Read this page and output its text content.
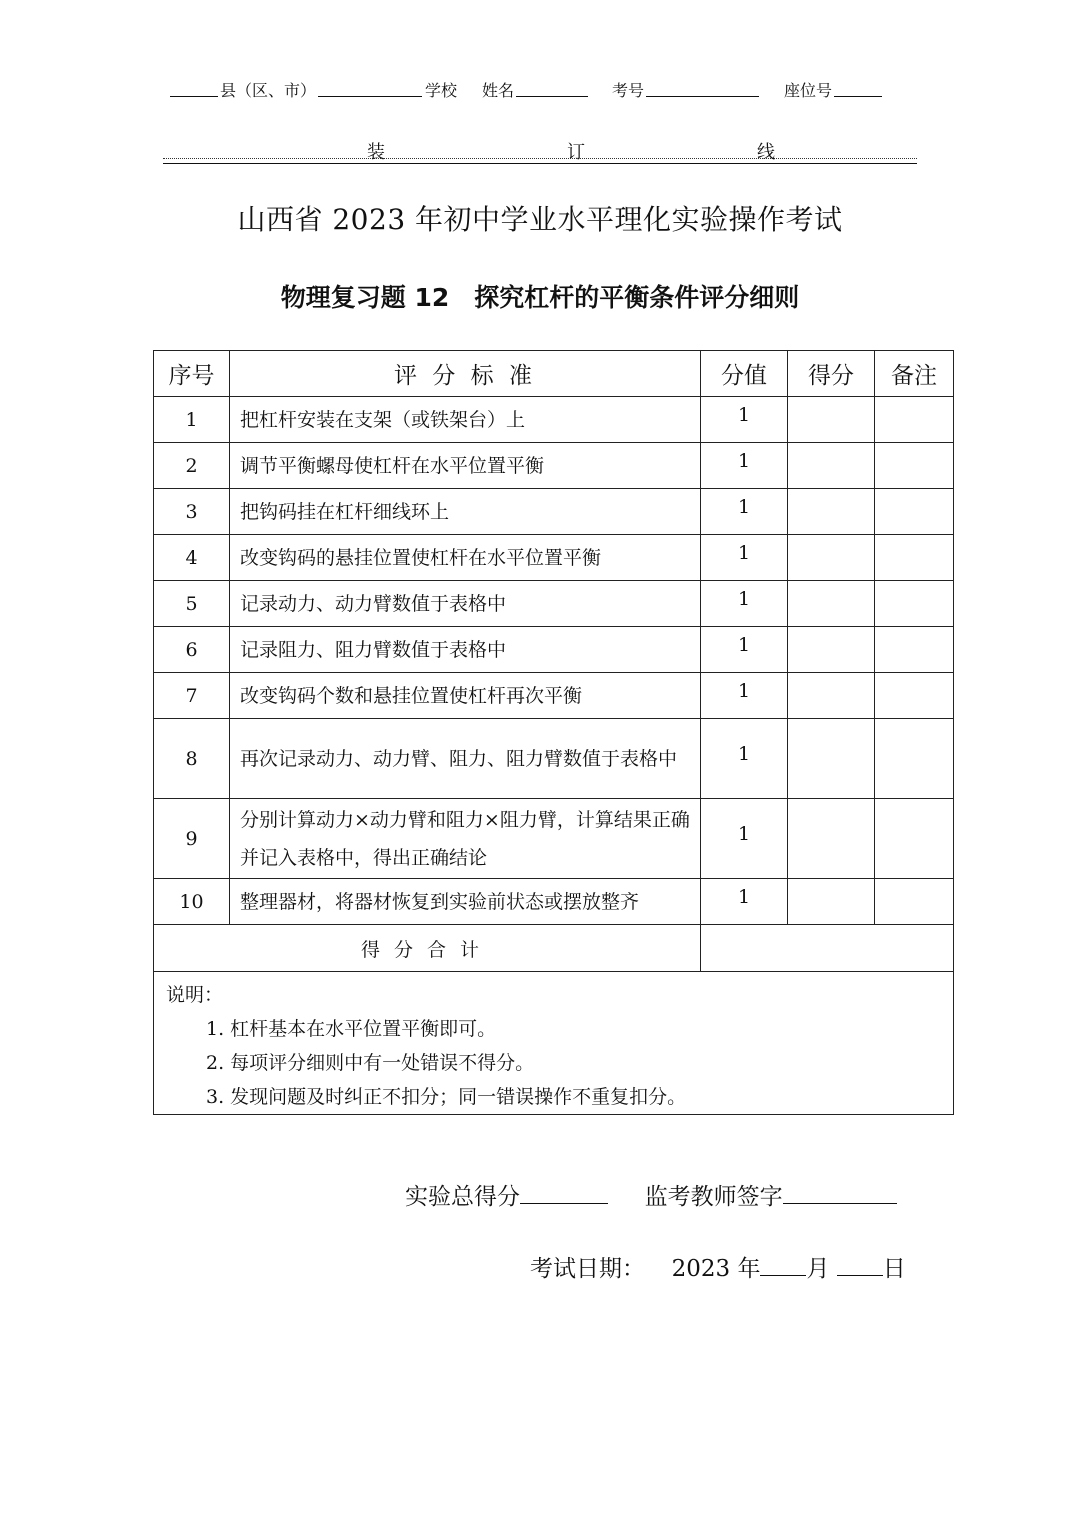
县（区、市）	学校 姓名	考号	座位号
装	订	线
山西省 2023 年初中学业水平理化实验操作考试
物理复习题 12　探究杠杆的平衡条件评分细则
序号	评 分 标 准	分值	得分	备注
1	把杠杆安装在支架（或铁架台）上	1		
2	调节平衡螺母使杠杆在水平位置平衡	1		
3	把钩码挂在杠杆细线环上	1		
4	改变钩码的悬挂位置使杠杆在水平位置平衡	1		
5	记录动力、动力臂数值于表格中	1		
6	记录阻力、阻力臂数值于表格中	1		
7	改变钩码个数和悬挂位置使杠杆再次平衡	1		
8	再次记录动力、动力臂、阻力、阻力臂数值于表格中	1		
9	分别计算动力×动力臂和阻力×阻力臂，计算结果正确并记入表格中，得出正确结论	1		
10	整理器材，将器材恢复到实验前状态或摆放整齐	1		
得分合计				

说明：
1. 杠杆基本在水平位置平衡即可。
2. 每项评分细则中有一处错误不得分。
3. 发现问题及时纠正不扣分；同一错误操作不重复扣分。				
实验总得分	监考教师签字
考试日期： 2023 年 月 日
